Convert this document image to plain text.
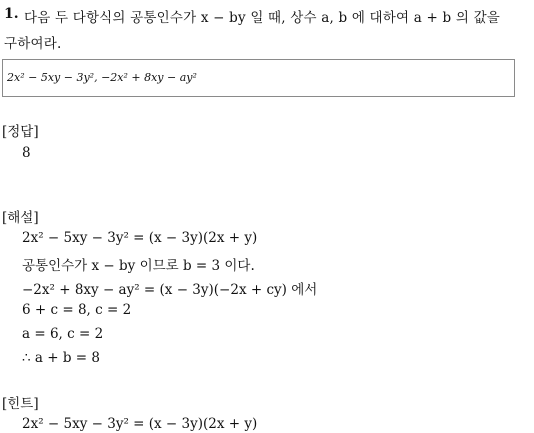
1. 다음 두 다항식의 공통인수가 x − by 일 때, 상수 a, b 에 대하여 a + b 의 값을
구하여라.
2x² − 5xy − 3y², −2x² + 8xy − ay²
[정답]
8
[해설]
2x² − 5xy − 3y² = (x − 3y)(2x + y)
공통인수가 x − by 이므로 b = 3 이다.
−2x² + 8xy − ay² = (x − 3y)(−2x + cy) 에서
6 + c = 8, c = 2
a = 6, c = 2
∴ a + b = 8
[힌트]
2x² − 5xy − 3y² = (x − 3y)(2x + y)
